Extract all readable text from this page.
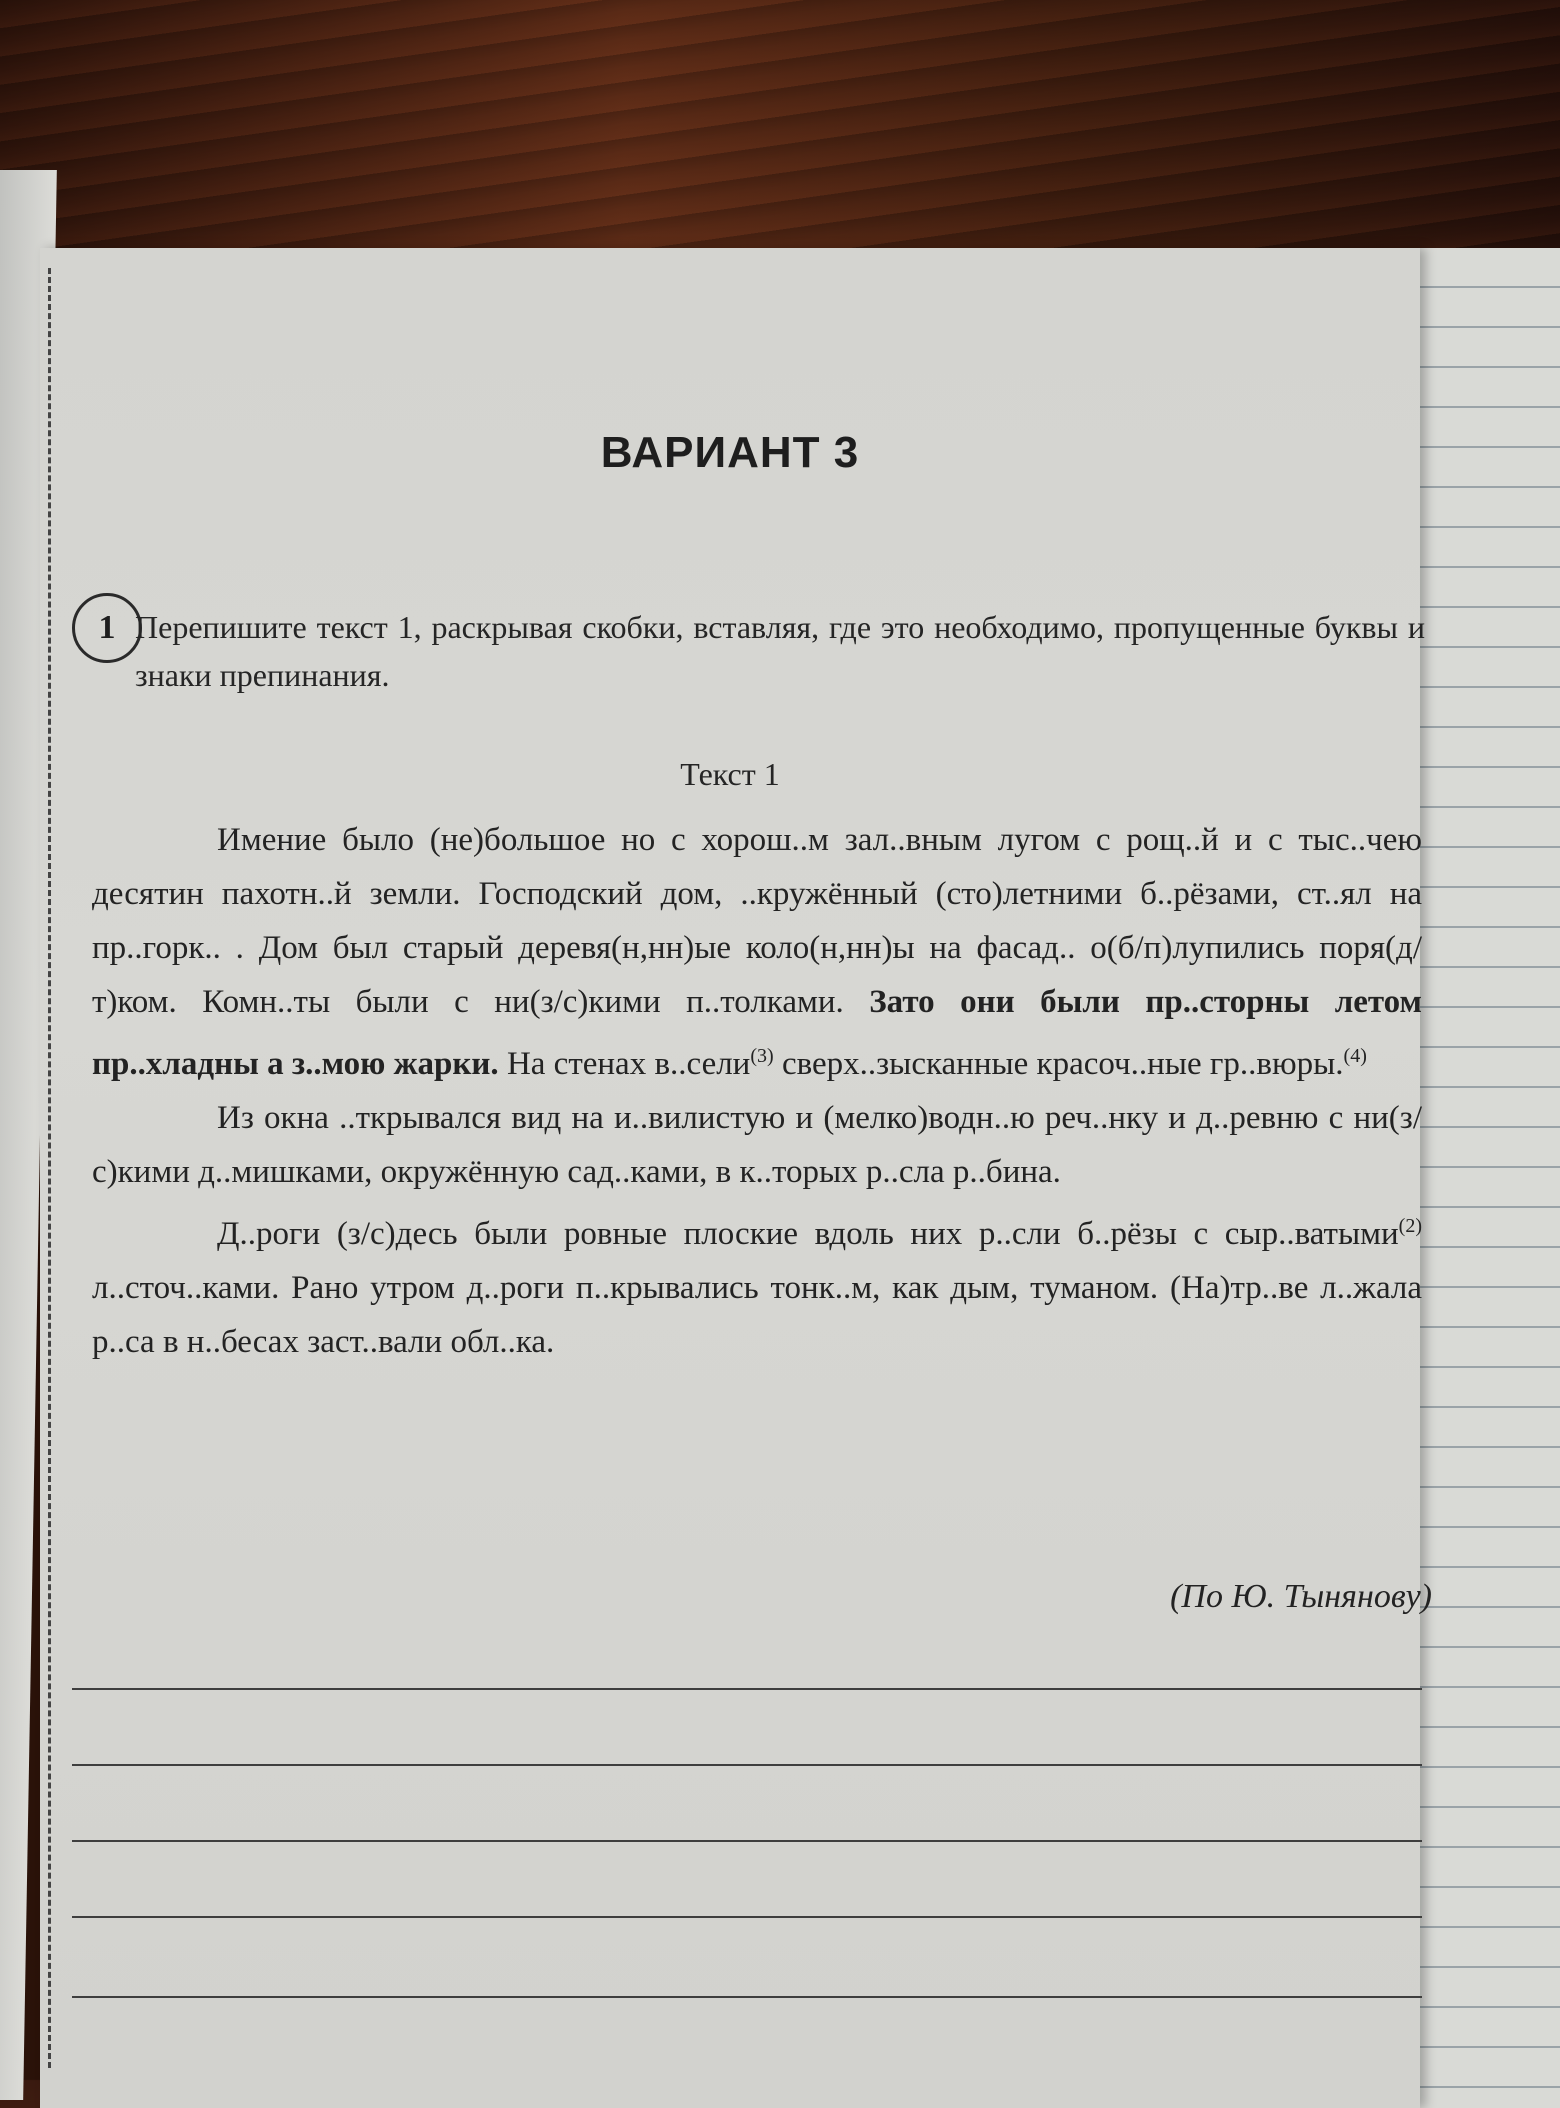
ВАРИАНТ 3
1 Перепишите текст 1, раскрывая скобки, вставляя, где это необходимо, пропущенные буквы и знаки препинания.
Текст 1

Имение было (не)большое но с хорош..м зал..вным лугом с рощ..й и с тыс..чею десятин пахотн..й земли. Господский дом, ..кружённый (сто)летними б..рёзами, ст..ял на пр..горк.. . Дом был старый деревя(н,нн)ые коло(н,нн)ы на фасад.. о(б/п)лупились поря(д/т)ком. Комн..ты были с ни(з/с)кими п..толками. Зато они были пр..сторны летом пр..хладны а з..мою жарки. На стенах в..сели$^{(3)}$ сверх..зысканные красоч..ные гр..вюры.$^{(4)}$

Из окна ..ткрывался вид на и..вилистую и (мелко)водн..ю реч..нку и д..ревню с ни(з/с)кими д..мишками, окружённую сад..ками, в к..торых р..сла р..бина.

Д..роги (з/с)десь были ровные плоские вдоль них р..сли б..рёзы с сыр..ватыми$^{(2)}$ л..сточ..ками. Рано утром д..роги п..крывались тонк..м, как дым, туманом. (На)тр..ве л..жала р..са в н..бесах заст..вали обл..ка.

(По Ю. Тынянову)
